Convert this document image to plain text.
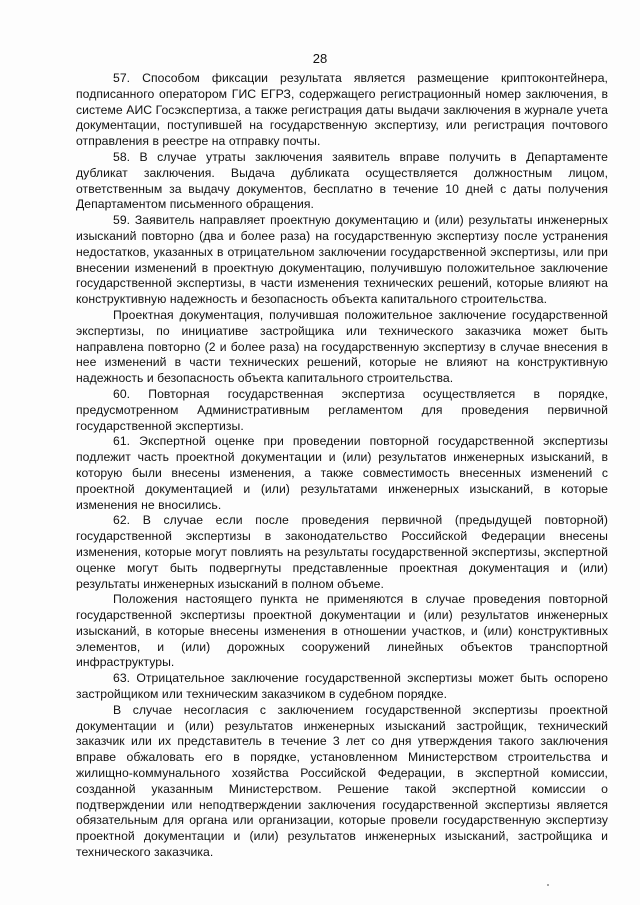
28

57. Способом фиксации результата является размещение криптоконтейнера, подписанного оператором ГИС ЕГРЗ, содержащего регистрационный номер заключения, в системе АИС Госэкспертиза, а также регистрация даты выдачи заключения в журнале учета документации, поступившей на государственную экспертизу, или регистрация почтового отправления в реестре на отправку почты.

58. В случае утраты заключения заявитель вправе получить в Департаменте дубликат заключения. Выдача дубликата осуществляется должностным лицом, ответственным за выдачу документов, бесплатно в течение 10 дней с даты получения Департаментом письменного обращения.

59. Заявитель направляет проектную документацию и (или) результаты инженерных изысканий повторно (два и более раза) на государственную экспертизу после устранения недостатков, указанных в отрицательном заключении государственной экспертизы, или при внесении изменений в проектную документацию, получившую положительное заключение государственной экспертизы, в части изменения технических решений, которые влияют на конструктивную надежность и безопасность объекта капитального строительства.

Проектная документация, получившая положительное заключение государственной экспертизы, по инициативе застройщика или технического заказчика может быть направлена повторно (2 и более раза) на государственную экспертизу в случае внесения в нее изменений в части технических решений, которые не влияют на конструктивную надежность и безопасность объекта капитального строительства.

60. Повторная государственная экспертиза осуществляется в порядке, предусмотренном Административным регламентом для проведения первичной государственной экспертизы.

61. Экспертной оценке при проведении повторной государственной экспертизы подлежит часть проектной документации и (или) результатов инженерных изысканий, в которую были внесены изменения, а также совместимость внесенных изменений с проектной документацией и (или) результатами инженерных изысканий, в которые изменения не вносились.

62. В случае если после проведения первичной (предыдущей повторной) государственной экспертизы в законодательство Российской Федерации внесены изменения, которые могут повлиять на результаты государственной экспертизы, экспертной оценке могут быть подвергнуты представленные проектная документация и (или) результаты инженерных изысканий в полном объеме.

Положения настоящего пункта не применяются в случае проведения повторной государственной экспертизы проектной документации и (или) результатов инженерных изысканий, в которые внесены изменения в отношении участков, и (или) конструктивных элементов, и (или) дорожных сооружений линейных объектов транспортной инфраструктуры.

63. Отрицательное заключение государственной экспертизы может быть оспорено застройщиком или техническим заказчиком в судебном порядке.

В случае несогласия с заключением государственной экспертизы проектной документации и (или) результатов инженерных изысканий застройщик, технический заказчик или их представитель в течение 3 лет со дня утверждения такого заключения вправе обжаловать его в порядке, установленном Министерством строительства и жилищно-коммунального хозяйства Российской Федерации, в экспертной комиссии, созданной указанным Министерством. Решение такой экспертной комиссии о подтверждении или неподтверждении заключения государственной экспертизы является обязательным для органа или организации, которые провели государственную экспертизу проектной документации и (или) результатов инженерных изысканий, застройщика и технического заказчика.
